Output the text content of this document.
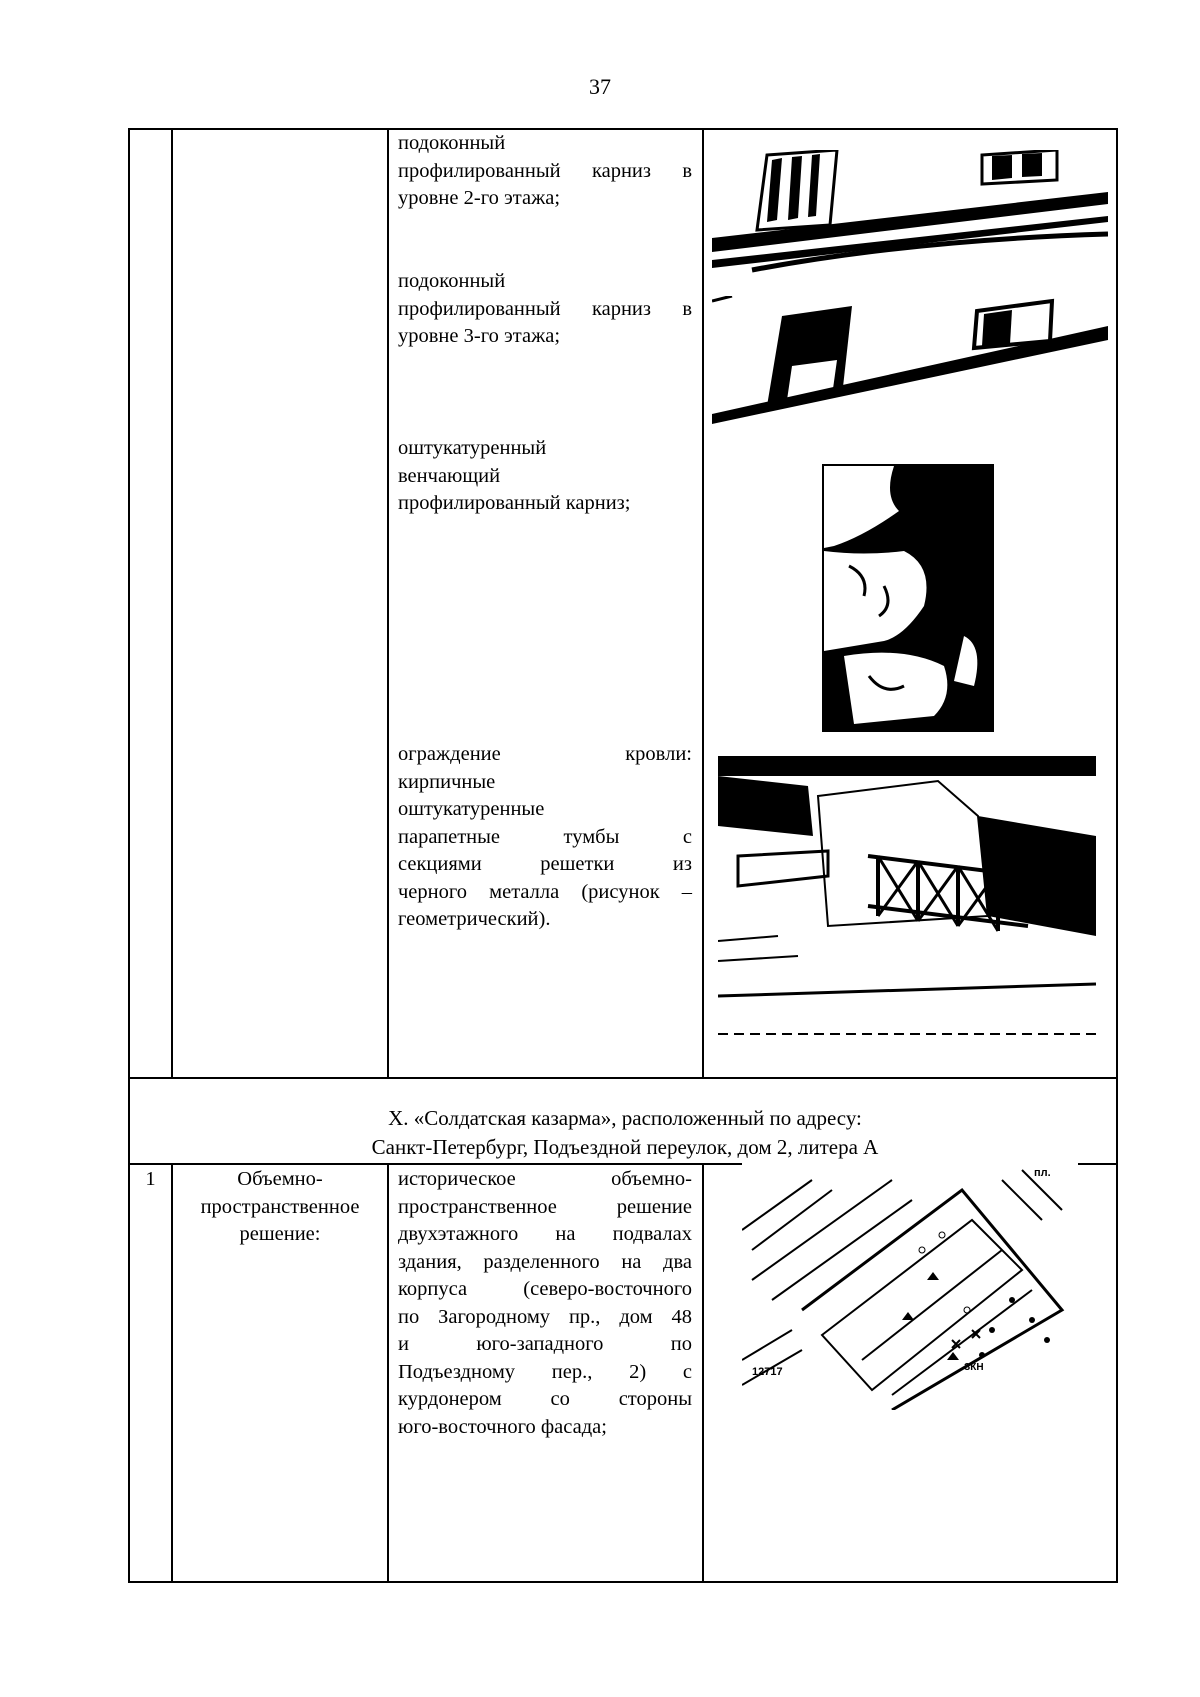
37

подоконный

профилированный карниз в

уровне 2-го этажа;

подоконный

профилированный карниз в

уровне 3-го этажа;

оштукатуренный

венчающий

профилированный карниз;

ограждение кровли:

кирпичные

оштукатуренные

парапетные тумбы с

секциями решетки из

черного металла (рисунок –

геометрический).

X. «Солдатская казарма», расположенный по адресу:
Санкт-Петербург, Подъездной переулок, дом 2, литера А
1	Объемно-

пространственное

решение:

историческое объемно-

пространственное решение

двухэтажного на подвалах

здания, разделенного на два

корпуса (северо-восточного

по Загородному пр., дом 48

и юго-западного по

Подъездному пер., 2) с

курдонером со стороны

юго-восточного фасада;

пл.
12717	ЗКН
